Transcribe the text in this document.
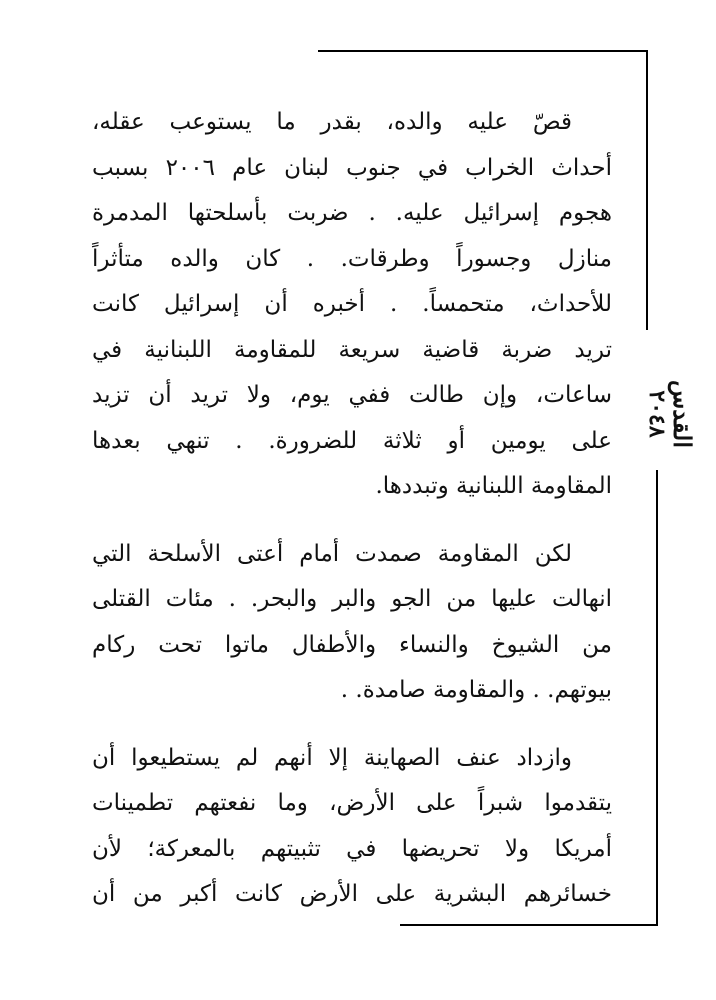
القدس
٢٠٤٨

قصّ عليه والده، بقدر ما يستوعب عقله،
أحداث الخراب في جنوب لبنان عام ٢٠٠٦ بسبب
هجوم إسرائيل عليه. . ضربت بأسلحتها المدمرة
منازل وجسوراً وطرقات. . كان والده متأثراً
للأحداث، متحمساً. . أخبره أن إسرائيل كانت
تريد ضربة قاضية سريعة للمقاومة اللبنانية في
ساعات، وإن طالت ففي يوم، ولا تريد أن تزيد
على يومين أو ثلاثة للضرورة. . تنهي بعدها
المقاومة اللبنانية وتبددها.

لكن المقاومة صمدت أمام أعتى الأسلحة التي
انهالت عليها من الجو والبر والبحر. . مئات القتلى
من الشيوخ والنساء والأطفال ماتوا تحت ركام
بيوتهم. . والمقاومة صامدة. .

وازداد عنف الصهاينة إلا أنهم لم يستطيعوا أن
يتقدموا شبراً على الأرض، وما نفعتهم تطمينات
أمريكا ولا تحريضها في تثبيتهم بالمعركة؛ لأن
خسائرهم البشرية على الأرض كانت أكبر من أن
